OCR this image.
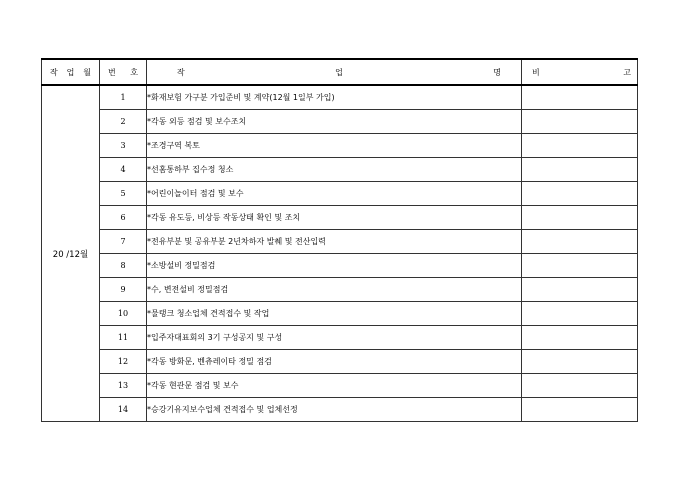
작 업 월	번 호	작 업 명	비 고

20 /12월	1	*화재보험 가구분 가입준비 및 계약(12월 1일부 가입)	
	2	*각동 외등 점검 및 보수조치	
	3	*조경구역 복토	
	4	*선홈통하부 집수정 청소	
	5	*어린이놀이터 점검 및 보수	
	6	*각동 유도등, 비상등 작동상태 확인 및 조치	
	7	*전유부분 및 공유부분 2년차하자 발췌 및 전산입력	
	8	*소방설비 정밀점검	
	9	*수, 변전설비 정밀점검	
	10	*물탱크 청소업체 견적접수 및 작업	
	11	*입주자대표회의 3기 구성공지 및 구성	
	12	*각동 방화문, 벤츄레이타 정밀 점검	
	13	*각동 현관문 점검 및 보수	
	14	*승강기유지보수업체 견적접수 및 업체선정	
